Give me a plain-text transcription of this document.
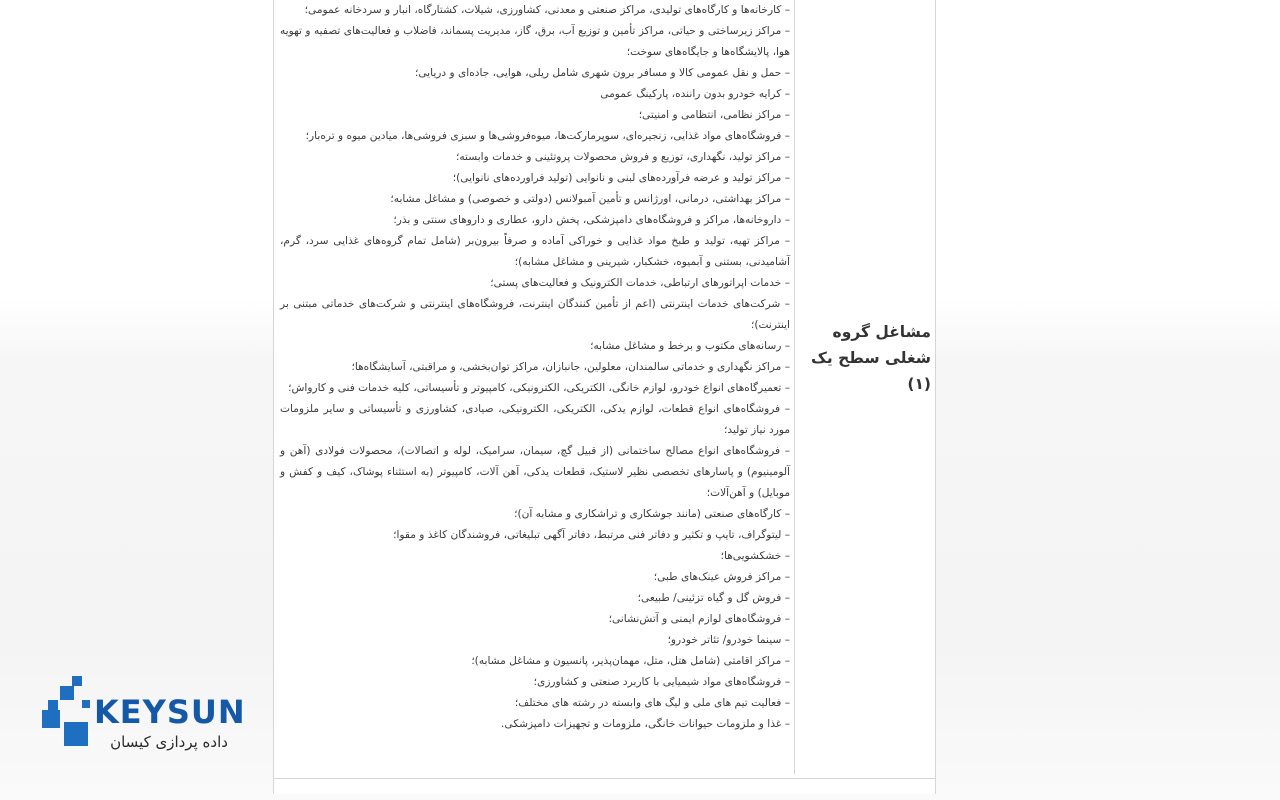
– کارخانه‌ها و کارگاه‌های تولیدی، مراکز صنعتی و معدنی، کشاورزی، شیلات، کشتارگاه، انبار و سردخانه عمومی؛

– مراکز زیرساختی و حیاتی، مراکز تأمین و توزیع آب، برق، گاز، مدیریت پسماند، فاضلاب و فعالیت‌های تصفیه و تهویه هوا، پالایشگاه‌ها و جایگاه‌های سوخت؛

– حمل و نقل عمومی کالا و مسافر برون شهری شامل ریلی، هوایی، جاده‌ای و دریایی؛

– کرایه خودرو بدون راننده، پارکینگ عمومی

– مراکز نظامی، انتظامی و امنیتی؛

– فروشگاه‌های مواد غذایی، زنجیره‌ای، سوپرمارکت‌ها، میوه‌فروشی‌ها و سبزی فروشی‌ها، میادین میوه و تره‌بار؛

– مراکز تولید، نگهداری، توزیع و فروش محصولات پروتئینی و خدمات وابسته؛

– مراکز تولید و عرضه فرآورده‌های لبنی و نانوایی (تولید فراورده‌های نانوایی)؛

– مراکز بهداشتی، درمانی، اورژانس و تأمین آمبولانس (دولتی و خصوصی) و مشاغل مشابه؛

– داروخانه‌ها، مراکز و فروشگاه‌های دامپزشکی، پخش دارو، عطاری و داروهای سنتی و بذر؛

– مراکز تهیه، تولید و طبخ مواد غذایی و خوراکی آماده و صرفاً بیرون‌بر (شامل تمام گروه‌های غذایی سرد، گرم، آشامیدنی، بستنی و آبمیوه، خشکبار، شیرینی و مشاغل مشابه)؛

– خدمات اپراتورهای ارتباطی، خدمات الکترونیک و فعالیت‌های پستی؛

– شرکت‌های خدمات اینترنتی (اعم از تأمین کنندگان اینترنت، فروشگاه‌های اینترنتی و شرکت‌های خدماتی مبتنی بر اینترنت)؛

– رسانه‌های مکتوب و برخط و مشاغل مشابه؛

– مراکز نگهداری و خدماتی سالمندان، معلولین، جانبازان، مراکز توان‌بخشی، و مراقبتی، آسایشگاه‌ها؛

– تعمیرگاه‌های انواع خودرو، لوازم خانگی، الکتریکی، الکترونیکی، کامپیوتر و تأسیساتی، کلیه خدمات فنی و کارواش؛

– فروشگاه‌های انواع قطعات، لوازم یدکی، الکتریکی، الکترونیکی، صیادی، کشاورزی و تأسیساتی و سایر ملزومات مورد نیاز تولید؛

– فروشگاه‌های انواع مصالح ساختمانی (از قبیل گچ، سیمان، سرامیک، لوله و اتصالات)، محصولات فولادی (آهن و آلومینیوم) و پاسارهای تخصصی نظیر لاستیک، قطعات یدکی، آهن آلات، کامپیوتر (به استثناء پوشاک، کیف و کفش و موبایل) و آهن‌آلات؛

– کارگاه‌های صنعتی (مانند جوشکاری و تراشکاری و مشابه آن)؛

– لیتوگراف، تایپ و تکثیر و دفاتر فنی مرتبط، دفاتر آگهی تبلیغاتی، فروشندگان کاغذ و مقوا؛

– خشکشویی‌ها؛

– مراکز فروش عینک‌های طبی؛

– فروش گل و گیاه تزئینی/ طبیعی؛

– فروشگاه‌های لوازم ایمنی و آتش‌نشانی؛

– سینما خودرو/ تئاتر خودرو؛

– مراکز اقامتی (شامل هتل، متل، مهمان‌پذیر، پانسیون و مشاغل مشابه)؛

– فروشگاه‌های مواد شیمیایی با کاربرد صنعتی و کشاورزی؛

– فعالیت تیم های ملی و لیگ های وابسته در رشته های مختلف؛

– غذا و ملزومات حیوانات خانگی، ملزومات و تجهیزات دامپزشکی.

مشاغل گروه شغلی سطح یک (۱)
KEYSUN
داده پردازی کیسان
